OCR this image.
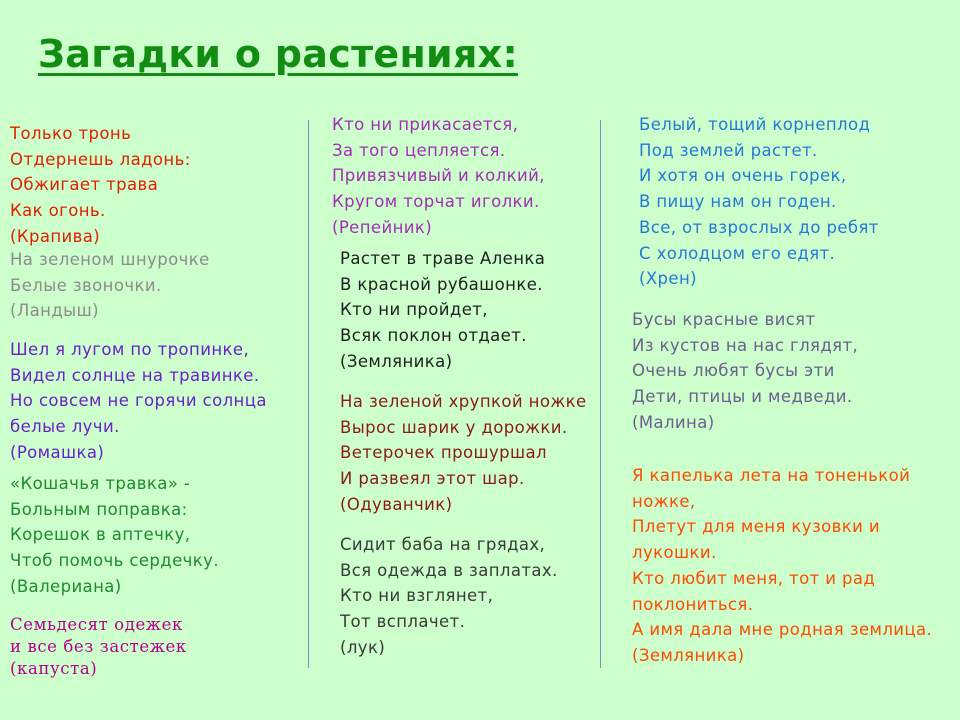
Загадки о растениях:
Только тронь
Отдернешь ладонь:
Обжигает трава
Как огонь.
(Крапива)
На зеленом шнурочке
Белые звоночки.
(Ландыш)
Шел я лугом по тропинке,
Видел солнце на травинке.
Но совсем не горячи солнца
белые лучи.
(Ромашка)
«Кошачья травка» -
Больным поправка:
Корешок в аптечку,
Чтоб помочь сердечку.
(Валериана)
Семьдесят одежек
и все без застежек
(капуста)
Кто ни прикасается,
За того цепляется.
Привязчивый и колкий,
Кругом торчат иголки.
(Репейник)
Растет в траве Аленка
В красной рубашонке.
Кто ни пройдет,
Всяк поклон отдает.
(Земляника)
На зеленой хрупкой ножке
Вырос шарик у дорожки.
Ветерочек прошуршал
И развеял этот шар.
(Одуванчик)
Сидит баба на грядах,
Вся одежда в заплатах.
Кто ни взглянет,
Тот всплачет.
(лук)
Белый, тощий корнеплод
Под землей растет.
И хотя он очень горек,
В пищу нам он годен.
Все, от взрослых до ребят
С холодцом его едят.
(Хрен)
Бусы красные висят
Из кустов на нас глядят,
Очень любят бусы эти
Дети, птицы и медведи.
(Малина)
Я капелька лета на тоненькой
ножке,
Плетут для меня кузовки и
лукошки.
Кто любит меня, тот и рад
поклониться.
А имя дала мне родная землица.
(Земляника)
